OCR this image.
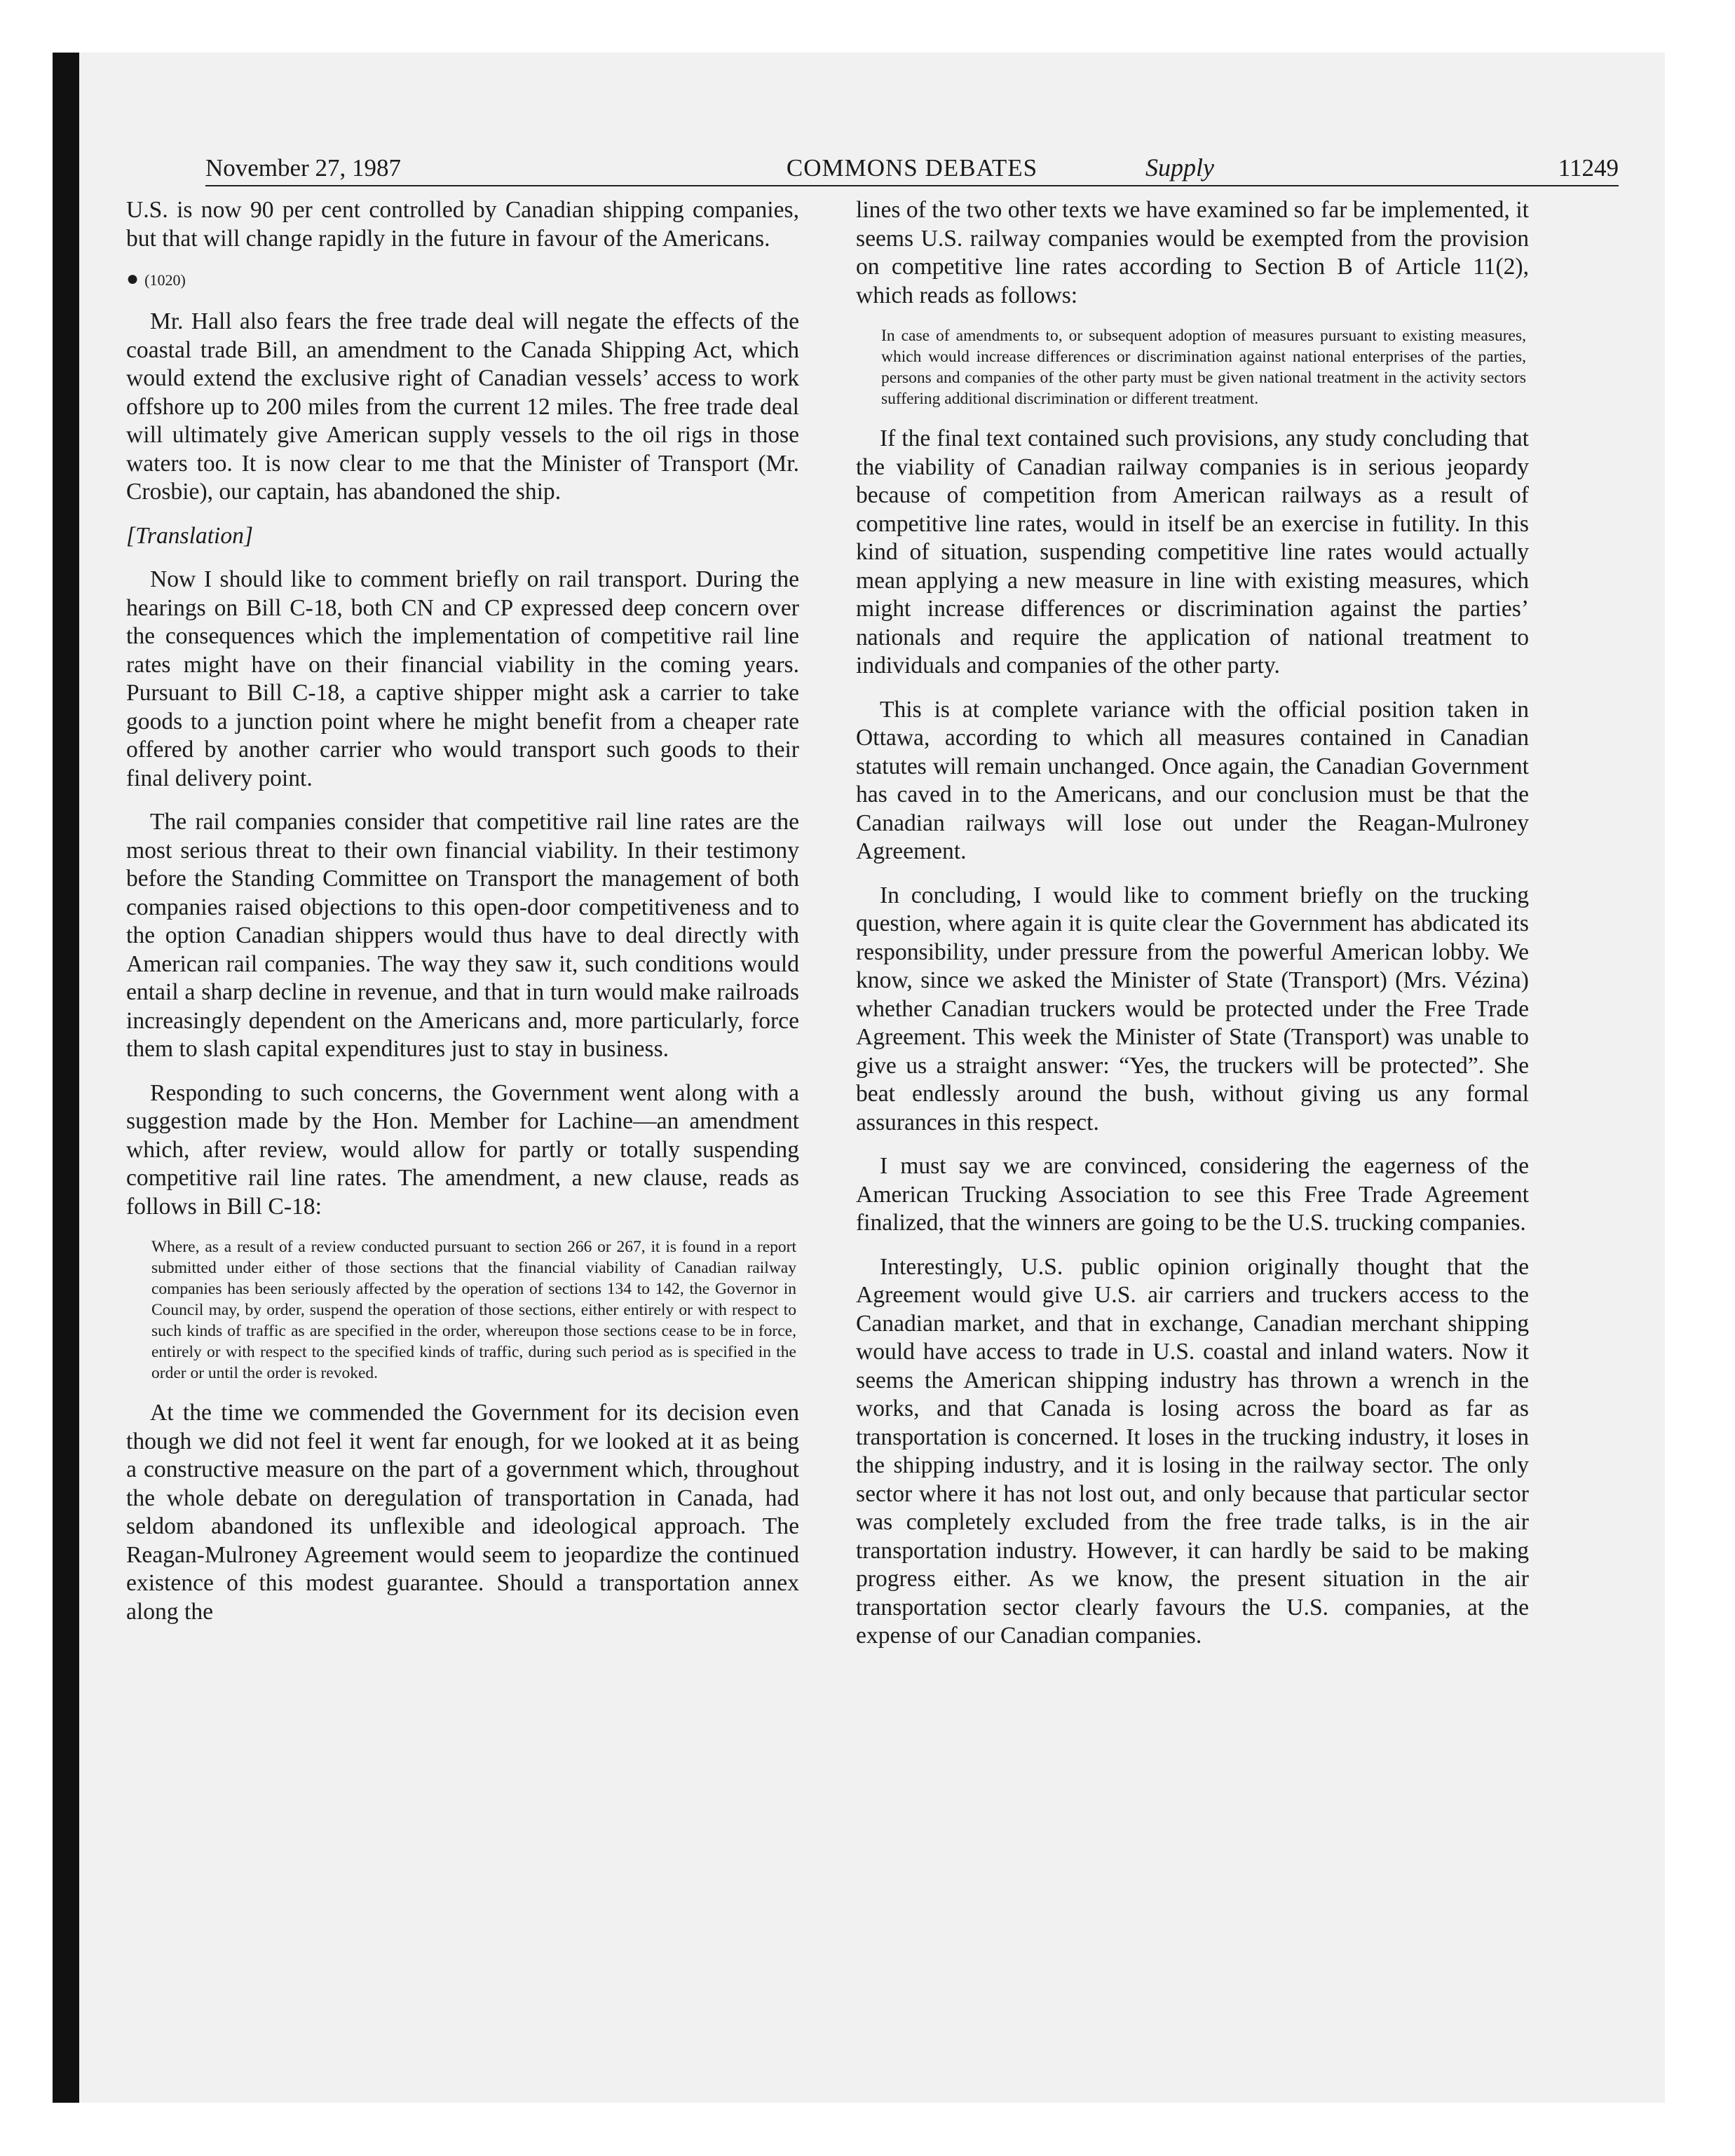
November 27, 1987	COMMONS DEBATES	11249
Supply

U.S. is now 90 per cent controlled by Canadian shipping companies, but that will change rapidly in the future in favour of the Americans.

● (1020)

Mr. Hall also fears the free trade deal will negate the effects of the coastal trade Bill, an amendment to the Canada Shipping Act, which would extend the exclusive right of Canadian vessels’ access to work offshore up to 200 miles from the current 12 miles. The free trade deal will ultimately give American supply vessels to the oil rigs in those waters too. It is now clear to me that the Minister of Transport (Mr. Crosbie), our captain, has abandoned the ship.

[Translation]

Now I should like to comment briefly on rail transport. During the hearings on Bill C-18, both CN and CP expressed deep concern over the consequences which the implementation of competitive rail line rates might have on their financial viability in the coming years. Pursuant to Bill C-18, a captive shipper might ask a carrier to take goods to a junction point where he might benefit from a cheaper rate offered by another carrier who would transport such goods to their final delivery point.

The rail companies consider that competitive rail line rates are the most serious threat to their own financial viability. In their testimony before the Standing Committee on Transport the management of both companies raised objections to this open-door competitiveness and to the option Canadian shippers would thus have to deal directly with American rail companies. The way they saw it, such conditions would entail a sharp decline in revenue, and that in turn would make railroads increasingly dependent on the Americans and, more particularly, force them to slash capital expenditures just to stay in business.

Responding to such concerns, the Government went along with a suggestion made by the Hon. Member for Lachine—an amendment which, after review, would allow for partly or totally suspending competitive rail line rates. The amendment, a new clause, reads as follows in Bill C-18:

Where, as a result of a review conducted pursuant to section 266 or 267, it is found in a report submitted under either of those sections that the financial viability of Canadian railway companies has been seriously affected by the operation of sections 134 to 142, the Governor in Council may, by order, suspend the operation of those sections, either entirely or with respect to such kinds of traffic as are specified in the order, whereupon those sections cease to be in force, entirely or with respect to the specified kinds of traffic, during such period as is specified in the order or until the order is revoked.

At the time we commended the Government for its decision even though we did not feel it went far enough, for we looked at it as being a constructive measure on the part of a government which, throughout the whole debate on deregulation of transportation in Canada, had seldom abandoned its unflexible and ideological approach. The Reagan-Mulroney Agreement would seem to jeopardize the continued existence of this modest guarantee. Should a transportation annex along the

lines of the two other texts we have examined so far be implemented, it seems U.S. railway companies would be exempted from the provision on competitive line rates according to Section B of Article 11(2), which reads as follows:

In case of amendments to, or subsequent adoption of measures pursuant to existing measures, which would increase differences or discrimination against national enterprises of the parties, persons and companies of the other party must be given national treatment in the activity sectors suffering additional discrimination or different treatment.

If the final text contained such provisions, any study concluding that the viability of Canadian railway companies is in serious jeopardy because of competition from American railways as a result of competitive line rates, would in itself be an exercise in futility. In this kind of situation, suspending competitive line rates would actually mean applying a new measure in line with existing measures, which might increase differences or discrimination against the parties’ nationals and require the application of national treatment to individuals and companies of the other party.

This is at complete variance with the official position taken in Ottawa, according to which all measures contained in Canadian statutes will remain unchanged. Once again, the Canadian Government has caved in to the Americans, and our conclusion must be that the Canadian railways will lose out under the Reagan-Mulroney Agreement.

In concluding, I would like to comment briefly on the trucking question, where again it is quite clear the Government has abdicated its responsibility, under pressure from the powerful American lobby. We know, since we asked the Minister of State (Transport) (Mrs. Vézina) whether Canadian truckers would be protected under the Free Trade Agreement. This week the Minister of State (Transport) was unable to give us a straight answer: “Yes, the truckers will be protected”. She beat endlessly around the bush, without giving us any formal assurances in this respect.

I must say we are convinced, considering the eagerness of the American Trucking Association to see this Free Trade Agreement finalized, that the winners are going to be the U.S. trucking companies.

Interestingly, U.S. public opinion originally thought that the Agreement would give U.S. air carriers and truckers access to the Canadian market, and that in exchange, Canadian merchant shipping would have access to trade in U.S. coastal and inland waters. Now it seems the American shipping industry has thrown a wrench in the works, and that Canada is losing across the board as far as transportation is concerned. It loses in the trucking industry, it loses in the shipping industry, and it is losing in the railway sector. The only sector where it has not lost out, and only because that particular sector was completely excluded from the free trade talks, is in the air transportation industry. However, it can hardly be said to be making progress either. As we know, the present situation in the air transportation sector clearly favours the U.S. companies, at the expense of our Canadian companies.
